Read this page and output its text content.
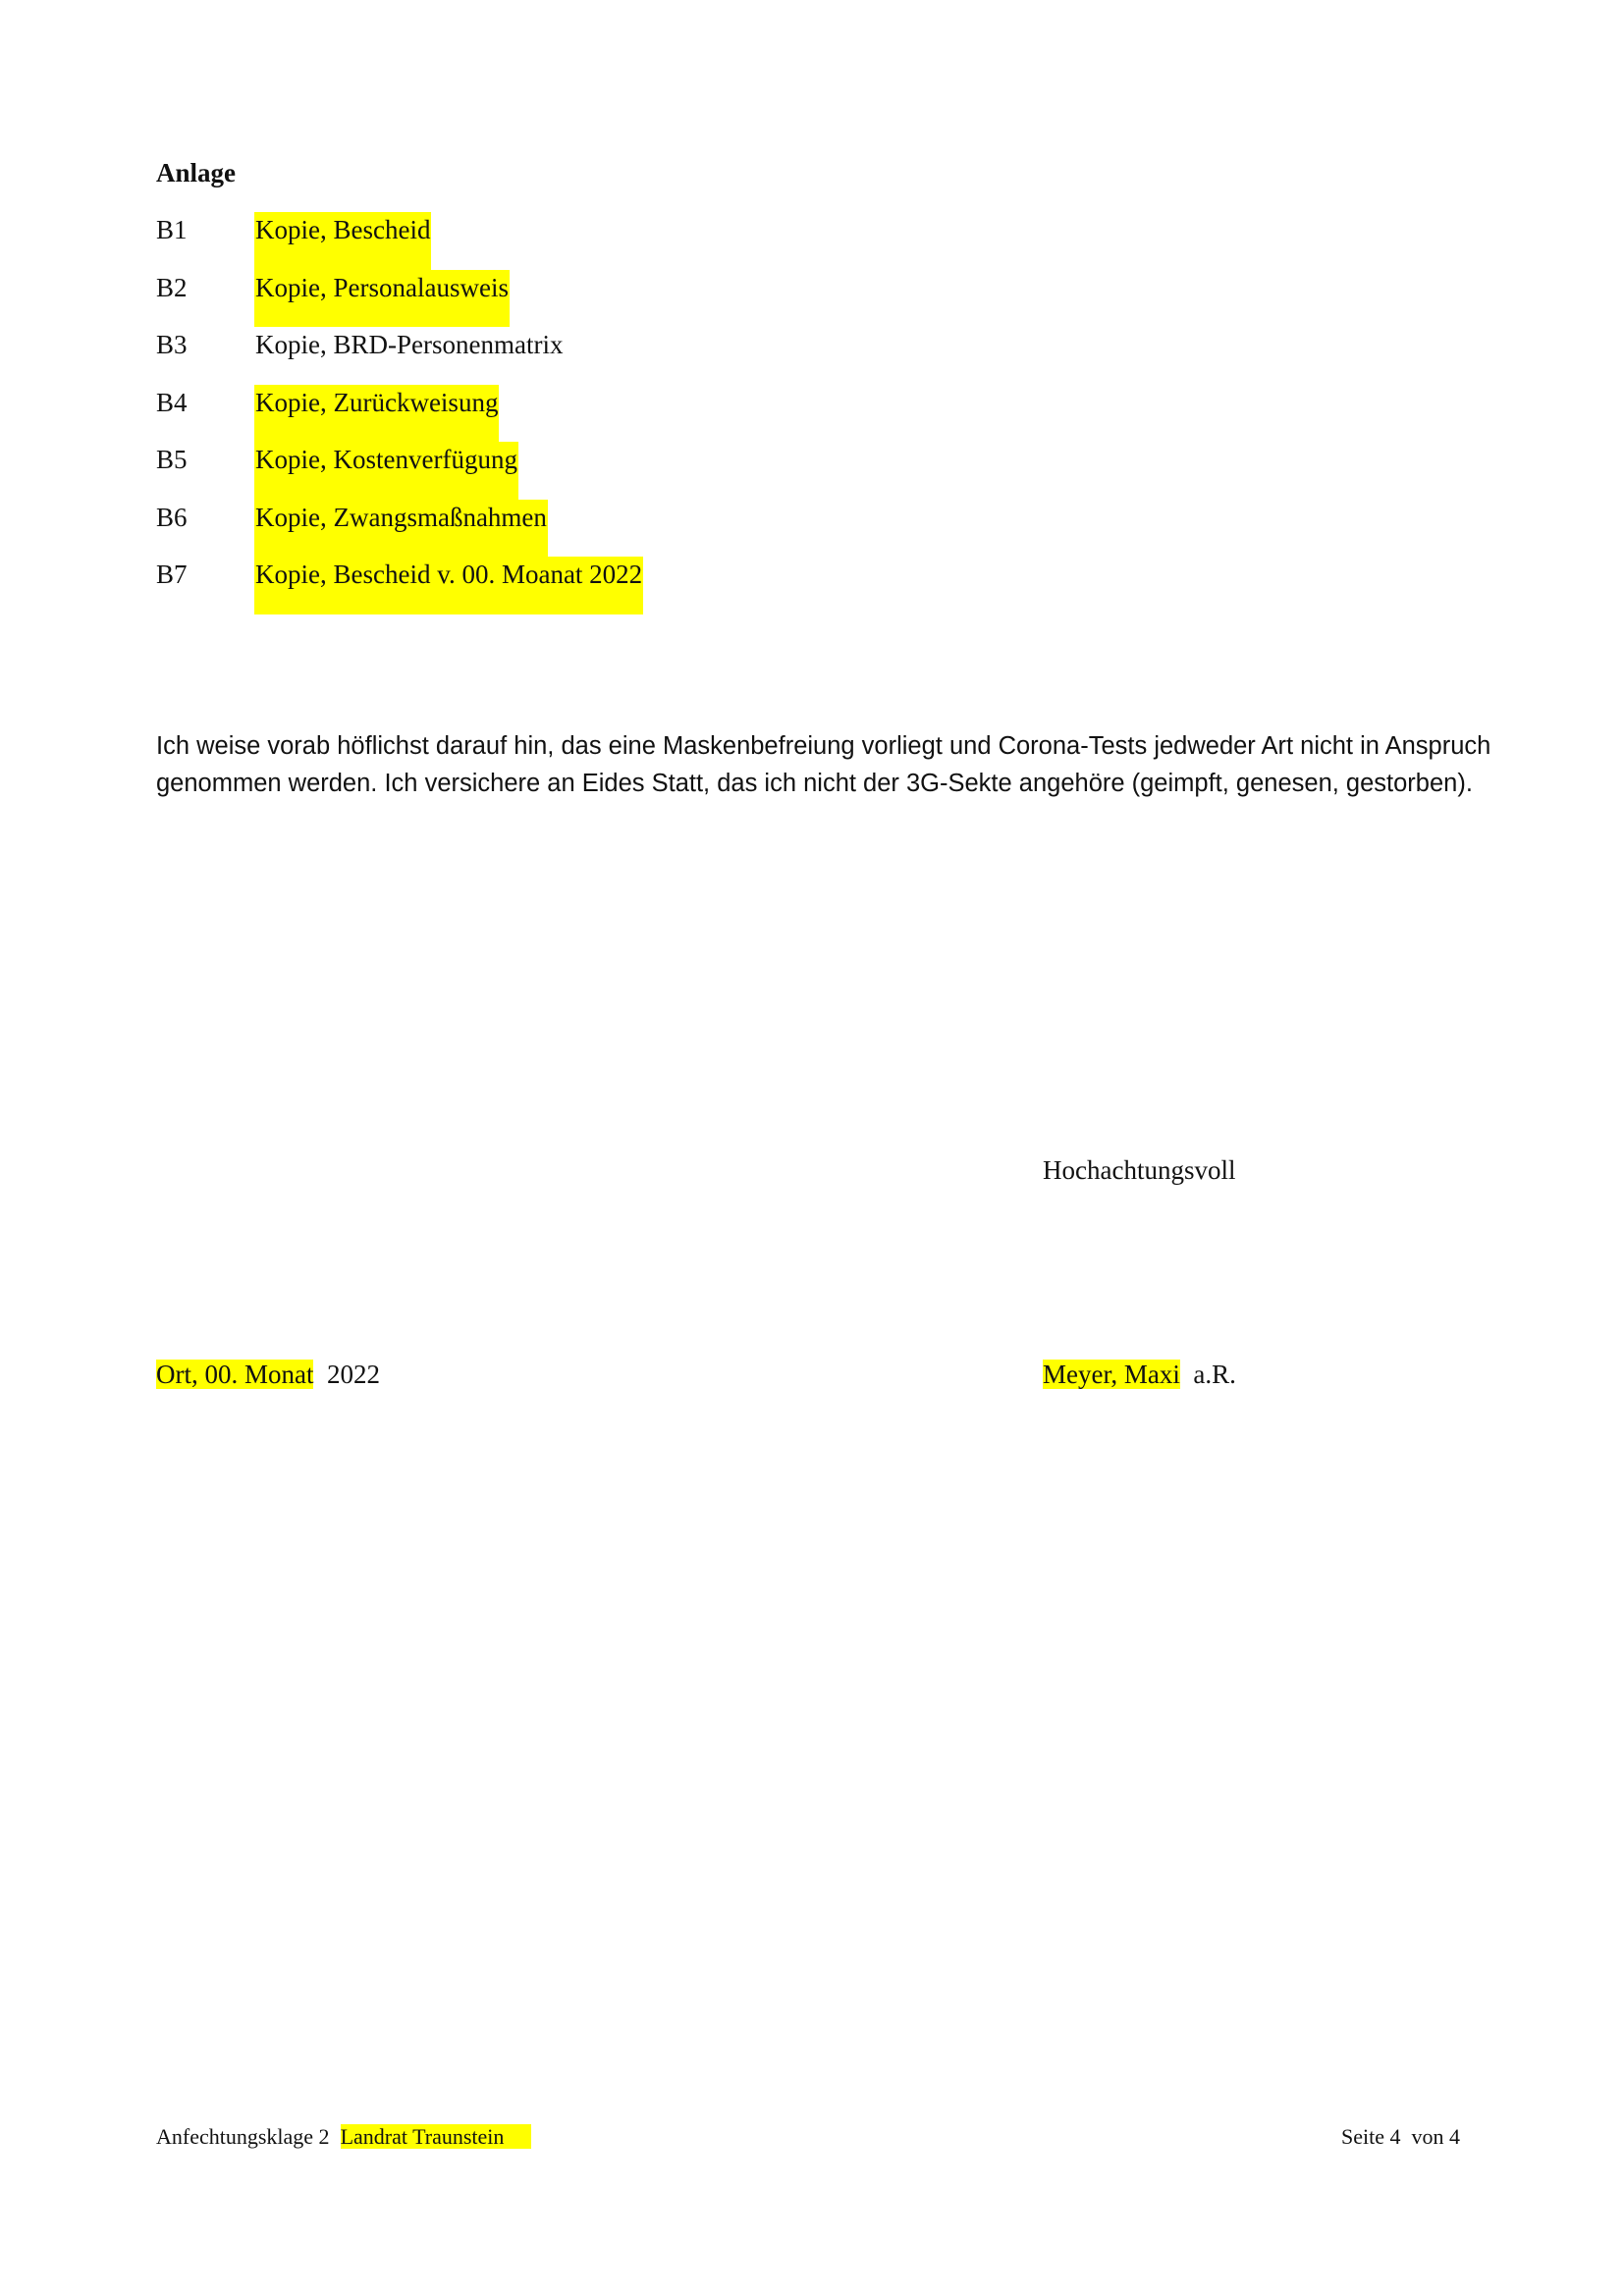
Anlage
B1	Kopie, Bescheid
B2	Kopie, Personalausweis
B3	Kopie, BRD-Personenmatrix
B4	Kopie, Zurückweisung
B5	Kopie, Kostenverfügung
B6	Kopie, Zwangsmaßnahmen
B7	Kopie, Bescheid v. 00. Moanat 2022

Ich weise vorab höflichst darauf hin, das eine Maskenbefreiung vorliegt und Corona-Tests jedweder Art nicht in Anspruch genommen werden. Ich versichere an Eides Statt, das ich nicht der 3G-Sekte angehöre (geimpft, genesen, gestorben).

Hochachtungsvoll
Ort, 00. Monat 2022	Meyer, Maxi a.R.
Anfechtungsklage 2 Landrat Traunstein	Seite 4  von 4
